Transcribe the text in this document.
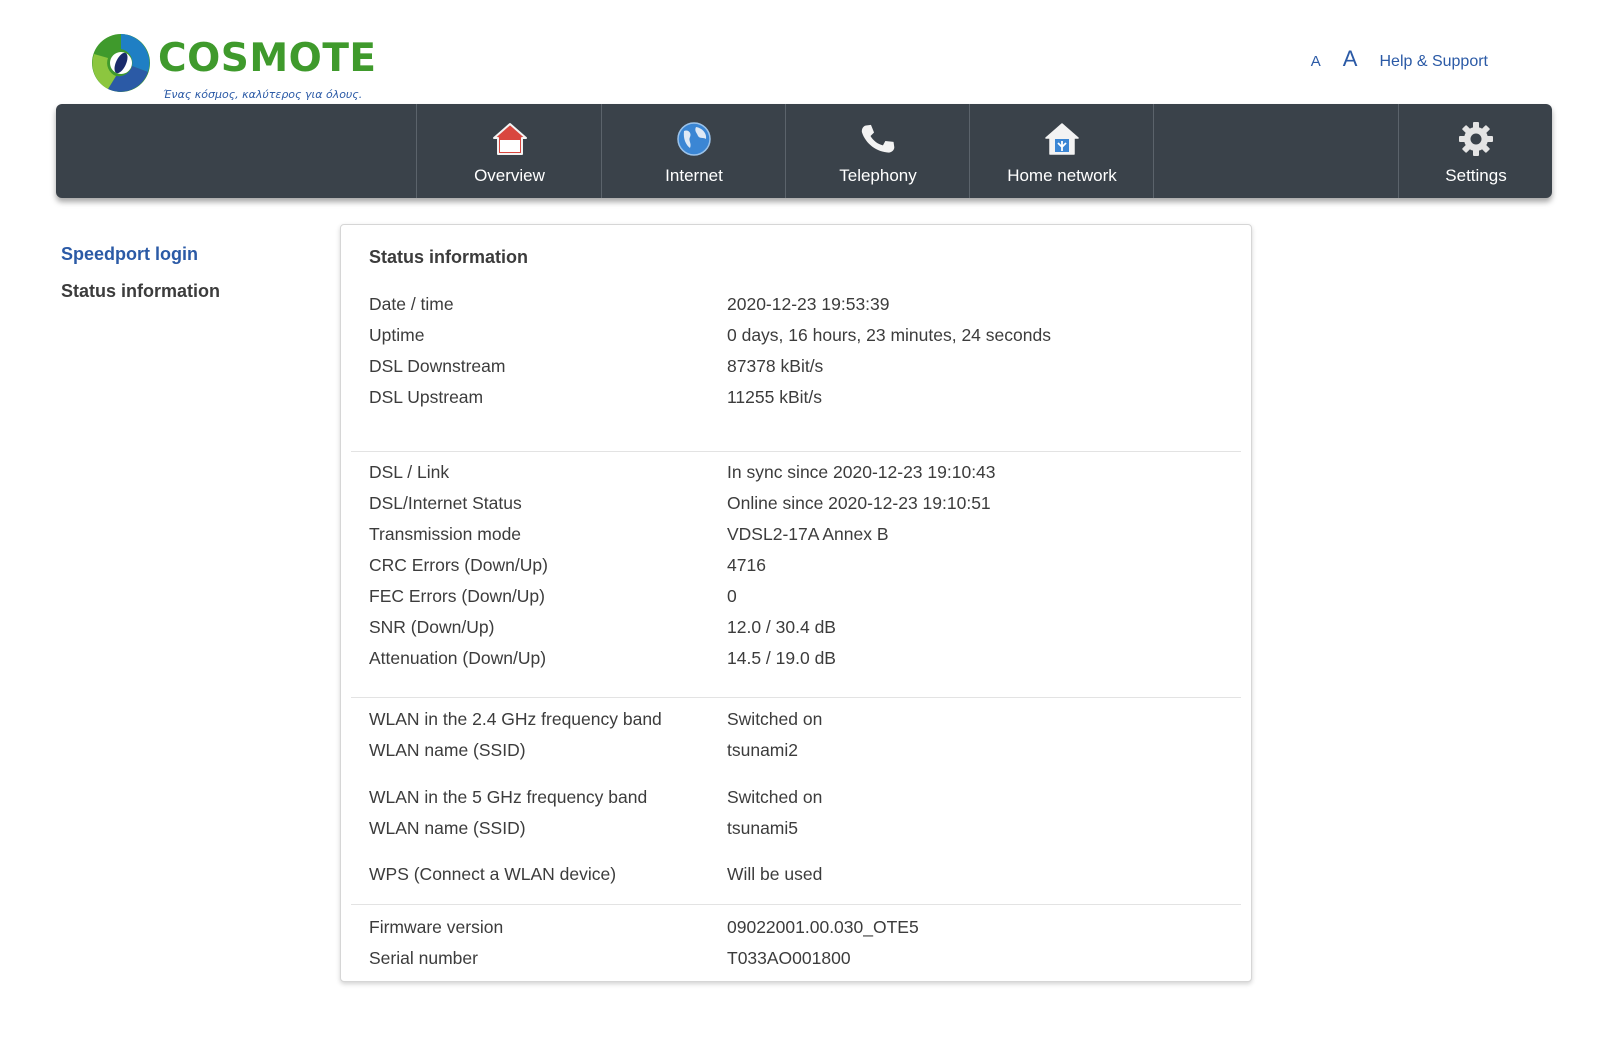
COSMOTE
Ένας κόσμος, καλύτερος για όλους.
A A Help & Support
Overview	Internet	Telephony	Home network	Settings
Speedport login
Status information
Status information
Date / time	2020-12-23 19:53:39
Uptime	0 days, 16 hours, 23 minutes, 24 seconds
DSL Downstream	87378 kBit/s
DSL Upstream	11255 kBit/s
DSL / Link	In sync since 2020-12-23 19:10:43
DSL/Internet Status	Online since 2020-12-23 19:10:51
Transmission mode	VDSL2-17A Annex B
CRC Errors (Down/Up)	4716
FEC Errors (Down/Up)	0
SNR (Down/Up)	12.0 / 30.4 dB
Attenuation (Down/Up)	14.5 / 19.0 dB
WLAN in the 2.4 GHz frequency band	Switched on
WLAN name (SSID)	tsunami2
WLAN in the 5 GHz frequency band	Switched on
WLAN name (SSID)	tsunami5
WPS (Connect a WLAN device)	Will be used
Firmware version	09022001.00.030_OTE5
Serial number	T033AO001800
